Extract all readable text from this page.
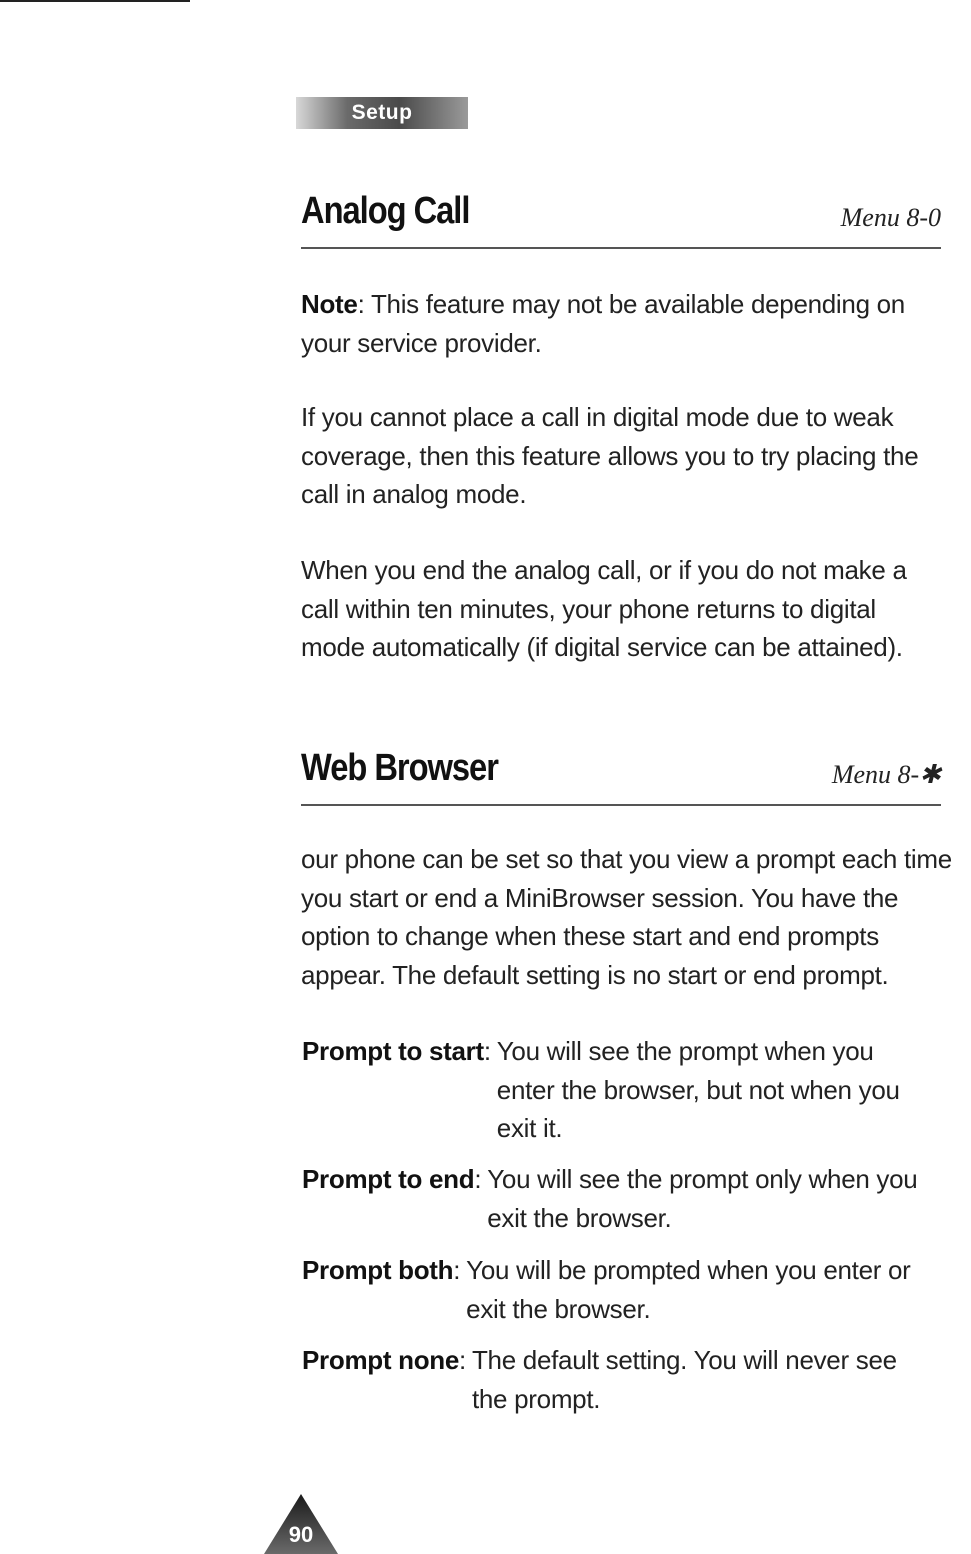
Setup
Analog Call	Menu 8-0

Note: This feature may not be available depending on your service provider.

If you cannot place a call in digital mode due to weak coverage, then this feature allows you to try placing the call in analog mode.

When you end the analog call, or if you do not make a call within ten minutes, your phone returns to digital mode automatically (if digital service can be attained).

Web Browser	Menu 8-✱

our phone can be set so that you view a prompt each time you start or end a MiniBrowser session. You have the option to change when these start and end prompts appear. The default setting is no start or end prompt.

Prompt to start: You will see the prompt when you enter the browser, but not when you exit it.
Prompt to end: You will see the prompt only when you exit the browser.
Prompt both: You will be prompted when you enter or exit the browser.
Prompt none: The default setting. You will never see the prompt.
90
